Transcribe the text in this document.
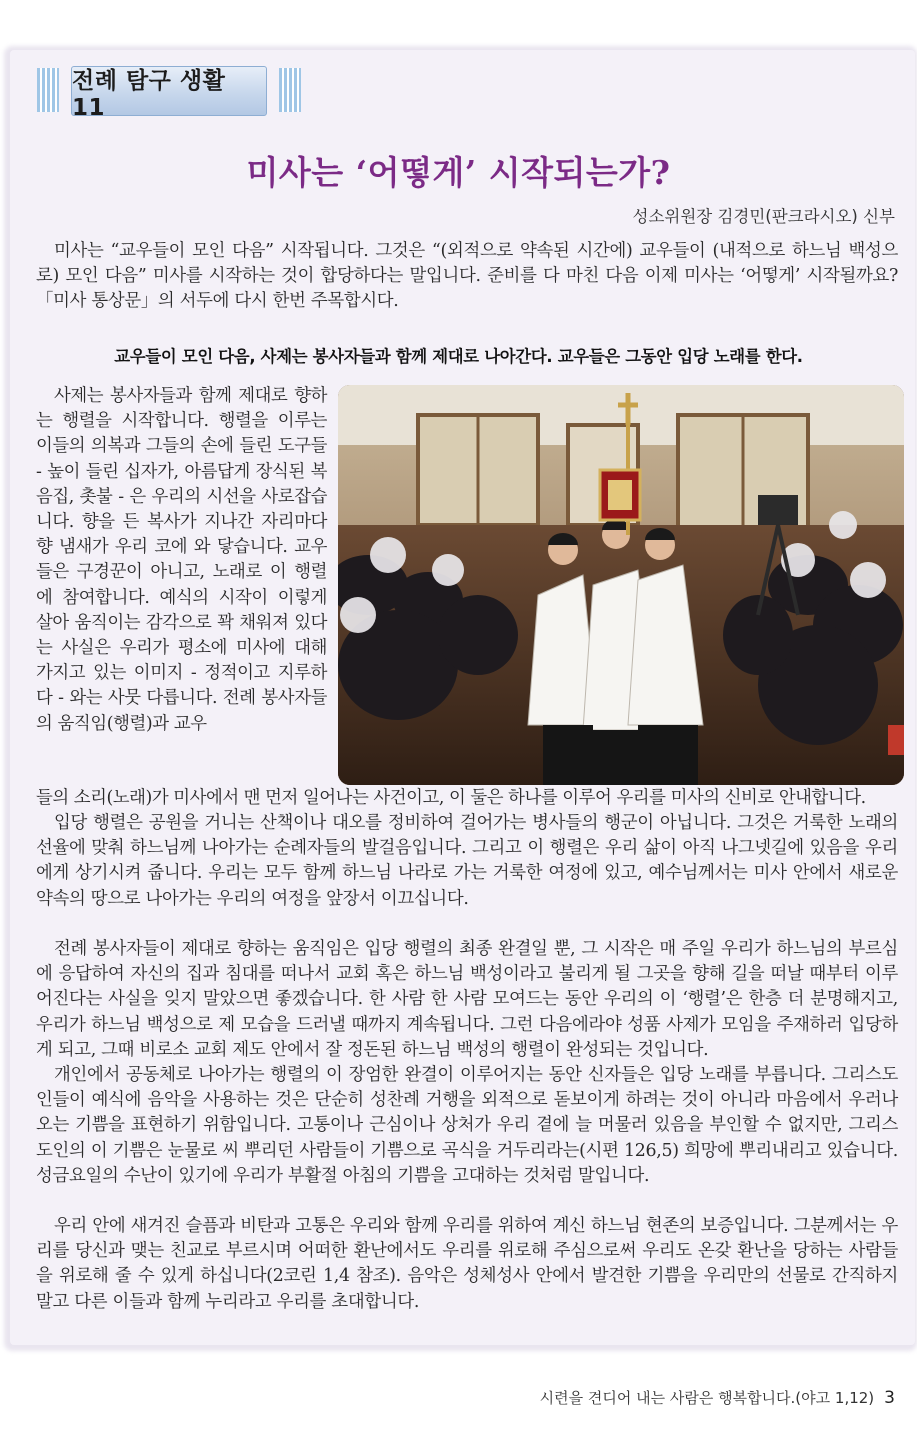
전례 탐구 생활 11
미사는 ‘어떻게’ 시작되는가?
성소위원장 김경민(판크라시오) 신부
미사는 “교우들이 모인 다음” 시작됩니다. 그것은 “(외적으로 약속된 시간에) 교우들이 (내적으로 하느님 백성으로) 모인 다음” 미사를 시작하는 것이 합당하다는 말입니다. 준비를 다 마친 다음 이제 미사는 ‘어떻게’ 시작될까요? 「미사 통상문」의 서두에 다시 한번 주목합시다.
교우들이 모인 다음, 사제는 봉사자들과 함께 제대로 나아간다. 교우들은 그동안 입당 노래를 한다.
사제는 봉사자들과 함께 제대로 향하는 행렬을 시작합니다. 행렬을 이루는 이들의 의복과 그들의 손에 들린 도구들 - 높이 들린 십자가, 아름답게 장식된 복음집, 촛불 - 은 우리의 시선을 사로잡습니다. 향을 든 복사가 지나간 자리마다 향 냄새가 우리 코에 와 닿습니다. 교우들은 구경꾼이 아니고, 노래로 이 행렬에 참여합니다. 예식의 시작이 이렇게 살아 움직이는 감각으로 꽉 채워져 있다는 사실은 우리가 평소에 미사에 대해 가지고 있는 이미지 - 정적이고 지루하다 - 와는 사뭇 다릅니다. 전례 봉사자들의 움직임(행렬)과 교우
들의 소리(노래)가 미사에서 맨 먼저 일어나는 사건이고, 이 둘은 하나를 이루어 우리를 미사의 신비로 안내합니다.
입당 행렬은 공원을 거니는 산책이나 대오를 정비하여 걸어가는 병사들의 행군이 아닙니다. 그것은 거룩한 노래의 선율에 맞춰 하느님께 나아가는 순례자들의 발걸음입니다. 그리고 이 행렬은 우리 삶이 아직 나그넷길에 있음을 우리에게 상기시켜 줍니다. 우리는 모두 함께 하느님 나라로 가는 거룩한 여정에 있고, 예수님께서는 미사 안에서 새로운 약속의 땅으로 나아가는 우리의 여정을 앞장서 이끄십니다.
전례 봉사자들이 제대로 향하는 움직임은 입당 행렬의 최종 완결일 뿐, 그 시작은 매 주일 우리가 하느님의 부르심에 응답하여 자신의 집과 침대를 떠나서 교회 혹은 하느님 백성이라고 불리게 될 그곳을 향해 길을 떠날 때부터 이루어진다는 사실을 잊지 말았으면 좋겠습니다. 한 사람 한 사람 모여드는 동안 우리의 이 ‘행렬’은 한층 더 분명해지고, 우리가 하느님 백성으로 제 모습을 드러낼 때까지 계속됩니다. 그런 다음에라야 성품 사제가 모임을 주재하러 입당하게 되고, 그때 비로소 교회 제도 안에서 잘 정돈된 하느님 백성의 행렬이 완성되는 것입니다.
개인에서 공동체로 나아가는 행렬의 이 장엄한 완결이 이루어지는 동안 신자들은 입당 노래를 부릅니다. 그리스도인들이 예식에 음악을 사용하는 것은 단순히 성찬례 거행을 외적으로 돋보이게 하려는 것이 아니라 마음에서 우러나오는 기쁨을 표현하기 위함입니다. 고통이나 근심이나 상처가 우리 곁에 늘 머물러 있음을 부인할 수 없지만, 그리스도인의 이 기쁨은 눈물로 씨 뿌리던 사람들이 기쁨으로 곡식을 거두리라는(시편 126,5) 희망에 뿌리내리고 있습니다. 성금요일의 수난이 있기에 우리가 부활절 아침의 기쁨을 고대하는 것처럼 말입니다.
우리 안에 새겨진 슬픔과 비탄과 고통은 우리와 함께 우리를 위하여 계신 하느님 현존의 보증입니다. 그분께서는 우리를 당신과 맺는 친교로 부르시며 어떠한 환난에서도 우리를 위로해 주심으로써 우리도 온갖 환난을 당하는 사람들을 위로해 줄 수 있게 하십니다(2코린 1,4 참조). 음악은 성체성사 안에서 발견한 기쁨을 우리만의 선물로 간직하지 말고 다른 이들과 함께 누리라고 우리를 초대합니다.
시련을 견디어 내는 사람은 행복합니다.(야고 1,12) 3
